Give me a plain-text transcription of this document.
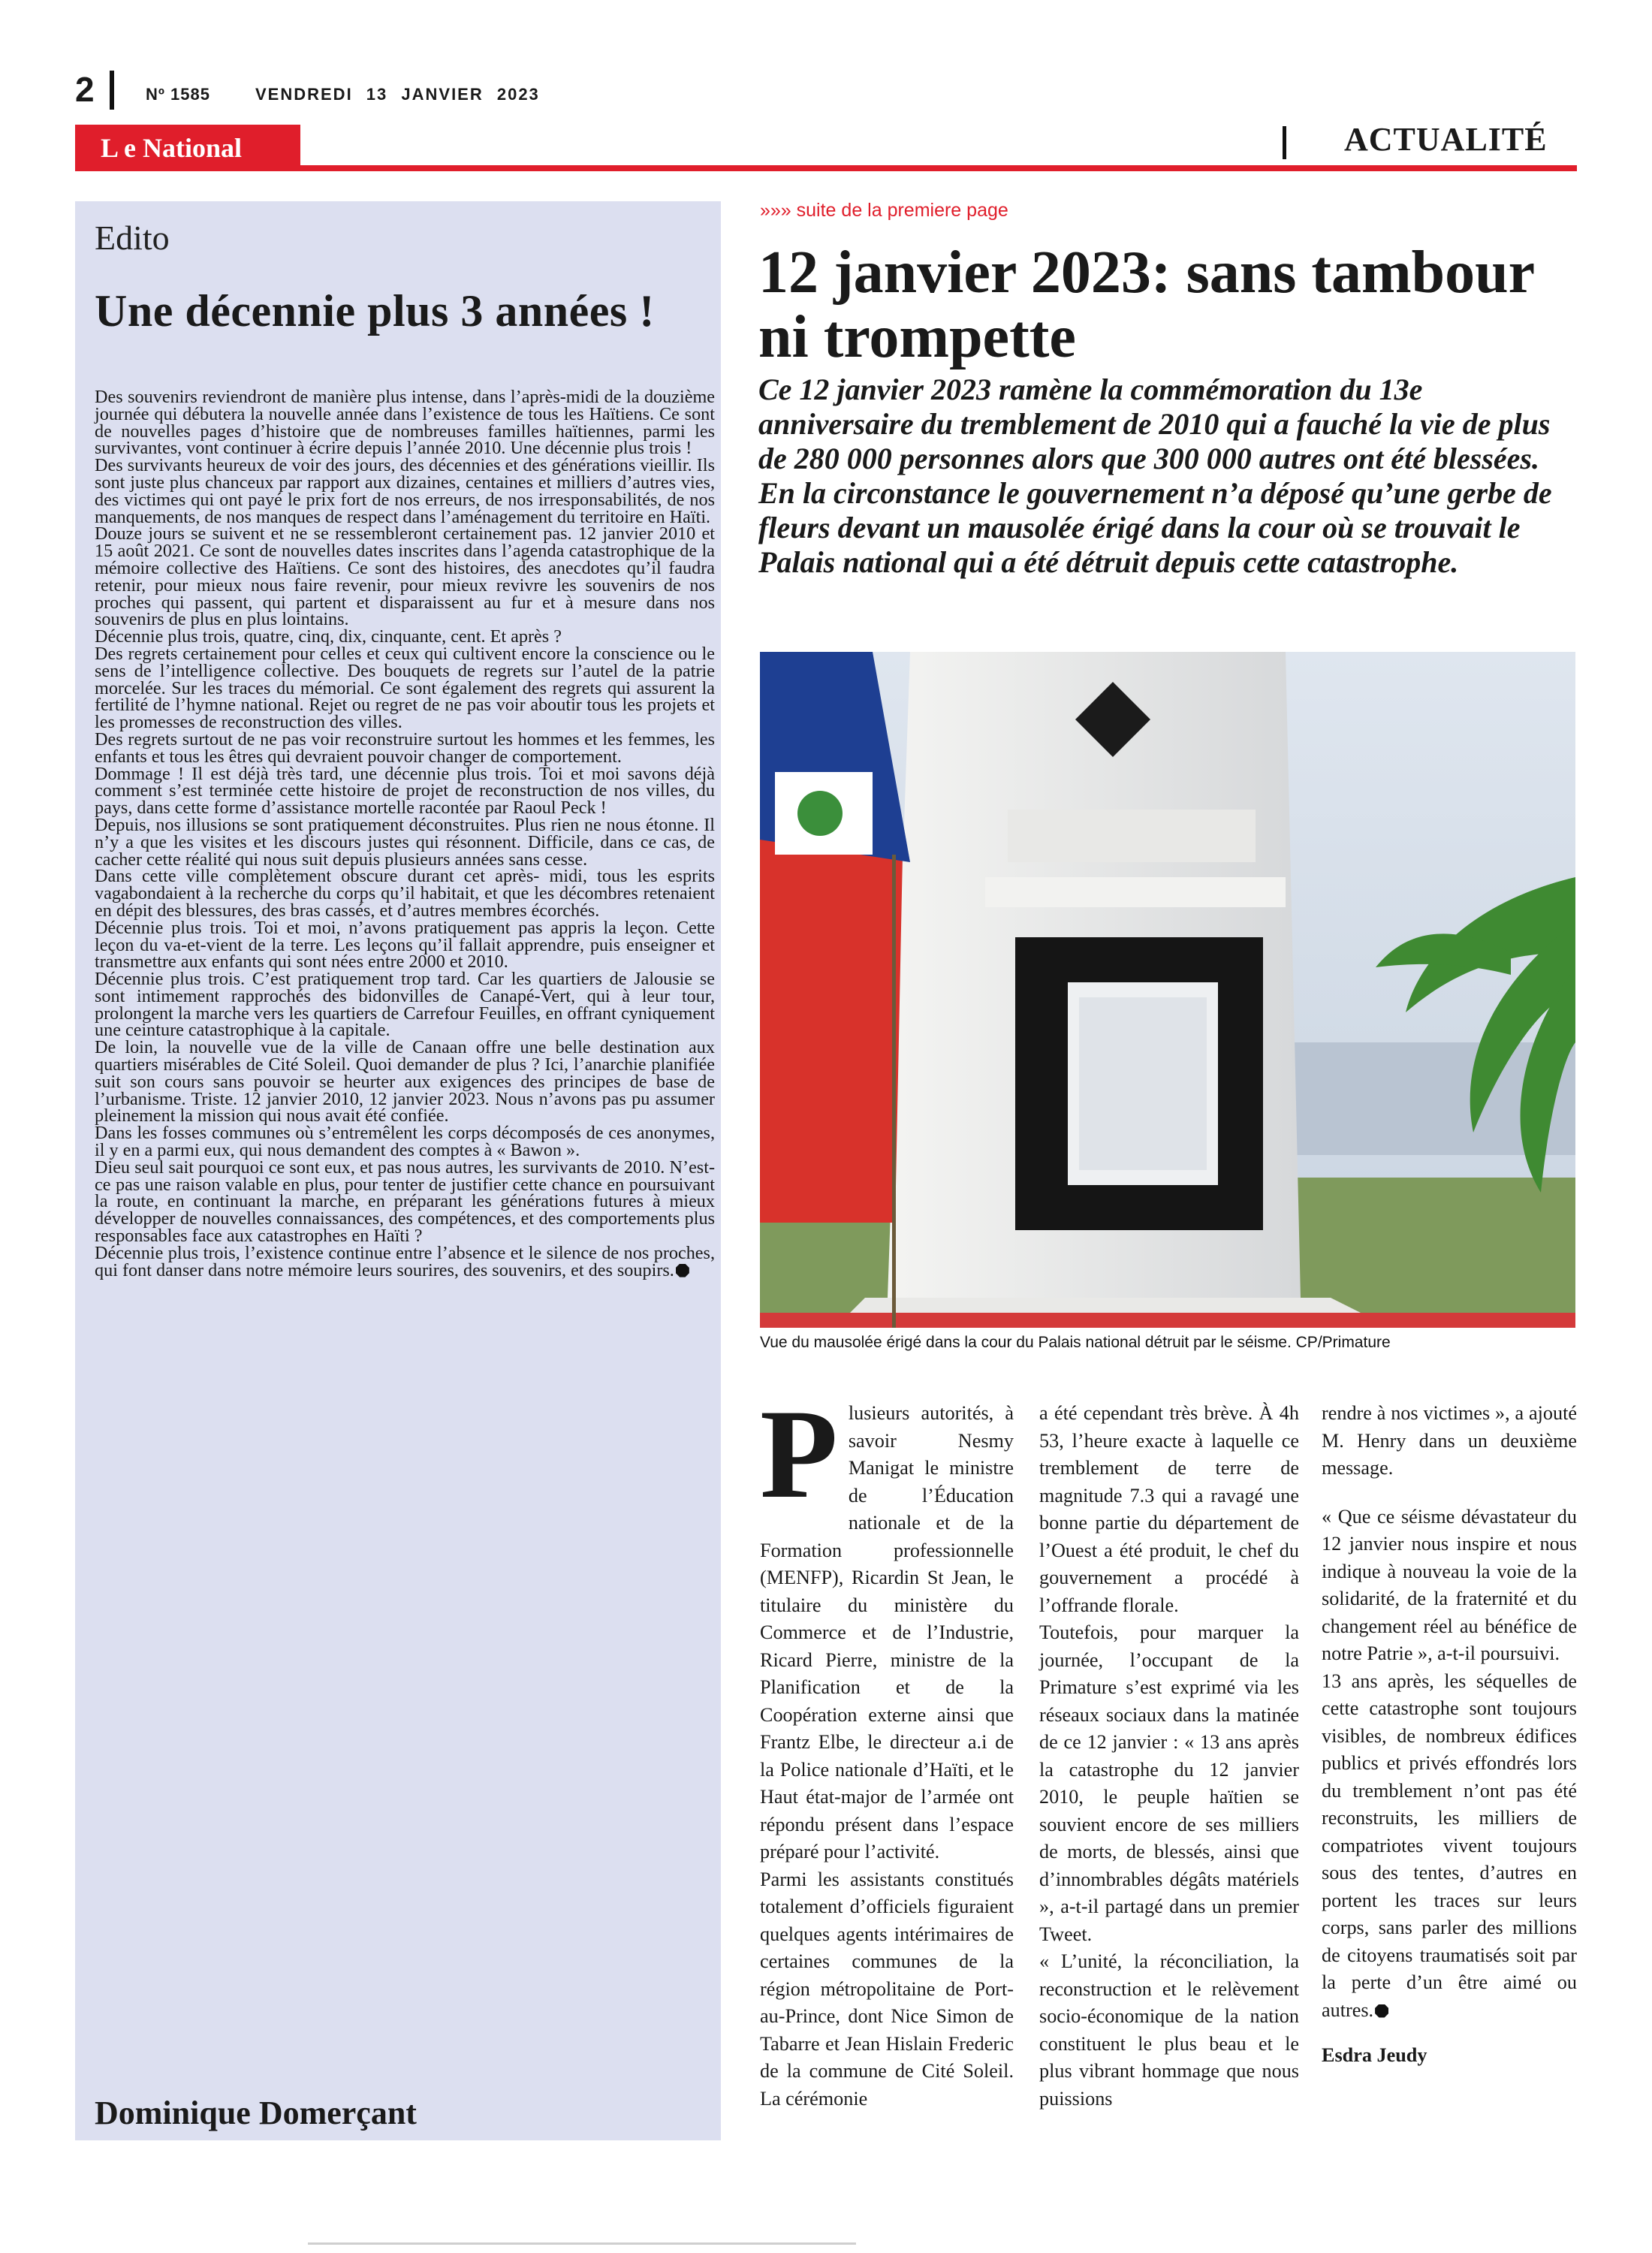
2	Nº 1585	VENDREDI 13 JANVIER 2023
L e National	ACTUALITÉ
Edito
Une décennie plus 3 années !

Des souvenirs reviendront de manière plus intense, dans l’après-midi de la douzième journée qui débutera la nouvelle année dans l’existence de tous les Haïtiens. Ce sont de nouvelles pages d’histoire que de nombreuses familles haïtiennes, parmi les survivantes, vont continuer à écrire depuis l’année 2010. Une décennie plus trois !

Des survivants heureux de voir des jours, des décennies et des générations vieillir. Ils sont juste plus chanceux par rapport aux dizaines, centaines et milliers d’autres vies, des victimes qui ont payé le prix fort de nos erreurs, de nos irresponsabilités, de nos manquements, de nos manques de respect dans l’aménagement du territoire en Haïti.

Douze jours se suivent et ne se ressembleront certainement pas. 12 janvier 2010 et 15 août 2021. Ce sont de nouvelles dates inscrites dans l’agenda catastrophique de la mémoire collective des Haïtiens. Ce sont des histoires, des anecdotes qu’il faudra retenir, pour mieux nous faire revenir, pour mieux revivre les souvenirs de nos proches qui passent, qui partent et disparaissent au fur et à mesure dans nos souvenirs de plus en plus lointains.

Décennie plus trois, quatre, cinq, dix, cinquante, cent. Et après ?

Des regrets certainement pour celles et ceux qui cultivent encore la conscience ou le sens de l’intelligence collective. Des bouquets de regrets sur l’autel de la patrie morcelée. Sur les traces du mémorial. Ce sont également des regrets qui assurent la fertilité de l’hymne national. Rejet ou regret de ne pas voir aboutir tous les projets et les promesses de reconstruction des villes.

Des regrets surtout de ne pas voir reconstruire surtout les hommes et les femmes, les enfants et tous les êtres qui devraient pouvoir changer de comportement.

Dommage ! Il est déjà très tard, une décennie plus trois. Toi et moi savons déjà comment s’est terminée cette histoire de projet de reconstruction de nos villes, du pays, dans cette forme d’assistance mortelle racontée par Raoul Peck !

Depuis, nos illusions se sont pratiquement déconstruites. Plus rien ne nous étonne. Il n’y a que les visites et les discours justes qui résonnent. Difficile, dans ce cas, de cacher cette réalité qui nous suit depuis plusieurs années sans cesse.

Dans cette ville complètement obscure durant cet après- midi, tous les esprits vagabondaient à la recherche du corps qu’il habitait, et que les décombres retenaient en dépit des blessures, des bras cassés, et d’autres membres écorchés.

Décennie plus trois. Toi et moi, n’avons pratiquement pas appris la leçon. Cette leçon du va-et-vient de la terre. Les leçons qu’il fallait apprendre, puis enseigner et transmettre aux enfants qui sont nées entre 2000 et 2010.

Décennie plus trois. C’est pratiquement trop tard. Car les quartiers de Jalousie se sont intimement rapprochés des bidonvilles de Canapé-Vert, qui à leur tour, prolongent la marche vers les quartiers de Carrefour Feuilles, en offrant cyniquement une ceinture catastrophique à la capitale.

De loin, la nouvelle vue de la ville de Canaan offre une belle destination aux quartiers misérables de Cité Soleil. Quoi demander de plus ? Ici, l’anarchie planifiée suit son cours sans pouvoir se heurter aux exigences des principes de base de l’urbanisme. Triste. 12 janvier 2010, 12 janvier 2023. Nous n’avons pas pu assumer pleinement la mission qui nous avait été confiée.

Dans les fosses communes où s’entremêlent les corps décomposés de ces anonymes, il y en a parmi eux, qui nous demandent des comptes à « Bawon ».

Dieu seul sait pourquoi ce sont eux, et pas nous autres, les survivants de 2010. N’est-ce pas une raison valable en plus, pour tenter de justifier cette chance en poursuivant la route, en continuant la marche, en préparant les générations futures à mieux développer de nouvelles connaissances, des compétences, et des comportements plus responsables face aux catastrophes en Haïti ?

Décennie plus trois, l’existence continue entre l’absence et le silence de nos proches, qui font danser dans notre mémoire leurs sourires, des souvenirs, et des soupirs.

Dominique Domerçant
»»» suite de la premiere page
12 janvier 2023: sans tambour ni trompette
Ce 12 janvier 2023 ramène la commémoration du 13e anniversaire du tremblement de 2010 qui a fauché la vie de plus de 280 000 personnes alors que 300 000 autres ont été blessées. En la circonstance le gouvernement n’a déposé qu’une gerbe de fleurs devant un mausolée érigé dans la cour où se trouvait le Palais national qui a été détruit depuis cette catastrophe.
Vue du mausolée érigé dans la cour du Palais national détruit par le séisme. CP/Primature
P lusieurs autorités, à savoir Nesmy Manigat le ministre de l’Éducation nationale et de la Formation professionnelle (MENFP), Ricardin St Jean, le titulaire du ministère du Commerce et de l’Industrie, Ricard Pierre, ministre de la Planification et de la Coopération externe ainsi que Frantz Elbe, le directeur a.i de la Police nationale d’Haïti, et le Haut état-major de l’armée ont répondu présent dans l’espace préparé pour l’activité.

Parmi les assistants constitués totalement d’officiels figuraient quelques agents intérimaires de certaines communes de la région métropolitaine de Port-au-Prince, dont Nice Simon de Tabarre et Jean Hislain Frederic de la commune de Cité Soleil. La cérémonie

a été cependant très brève. À 4h 53, l’heure exacte à laquelle ce tremblement de terre de magnitude 7.3 qui a ravagé une bonne partie du département de l’Ouest a été produit, le chef du gouvernement a procédé à l’offrande florale.

Toutefois, pour marquer la journée, l’occupant de la Primature s’est exprimé via les réseaux sociaux dans la matinée de ce 12 janvier : « 13 ans après la catastrophe du 12 janvier 2010, le peuple haïtien se souvient encore de ses milliers de morts, de blessés, ainsi que d’innombrables dégâts matériels », a-t-il partagé dans un premier Tweet.

« L’unité, la réconciliation, la reconstruction et le relèvement socio-économique de la nation constituent le plus beau et le plus vibrant hommage que nous puissions

rendre à nos victimes », a ajouté M. Henry dans un deuxième message.

« Que ce séisme dévastateur du 12 janvier nous inspire et nous indique à nouveau la voie de la solidarité, de la fraternité et du changement réel au bénéfice de notre Patrie », a-t-il poursuivi.

13 ans après, les séquelles de cette catastrophe sont toujours visibles, de nombreux édifices publics et privés effondrés lors du tremblement n’ont pas été reconstruits, les milliers de compatriotes vivent toujours sous des tentes, d’autres en portent les traces sur leurs corps, sans parler des millions de citoyens traumatisés soit par la perte d’un être aimé ou autres.

Esdra Jeudy
